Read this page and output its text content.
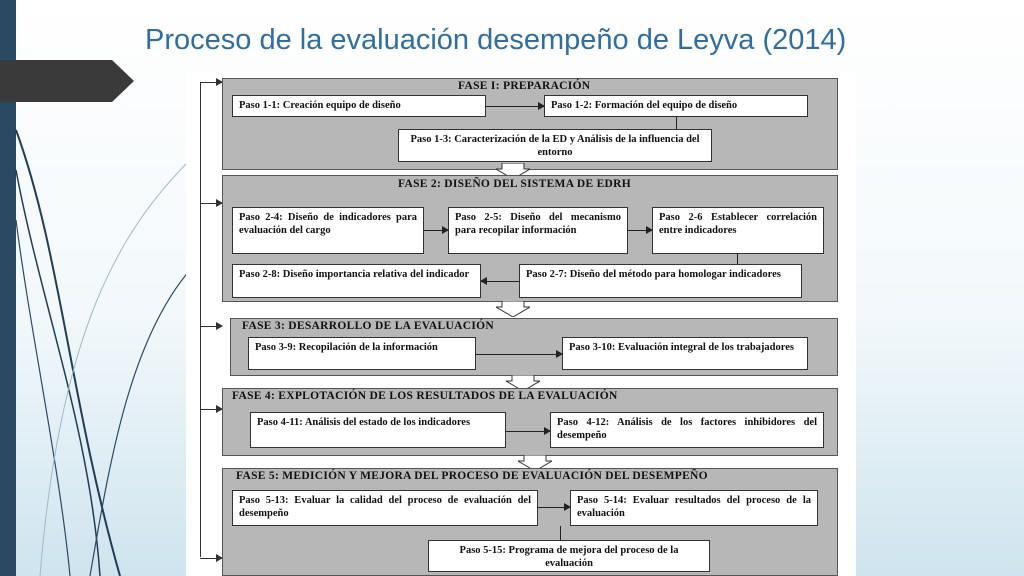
Proceso de la evaluación desempeño de Leyva (2014)
FASE I: PREPARACIÓN
Paso 1-1: Creación equipo de diseño	Paso 1-2: Formación del equipo de diseño
Paso 1-3: Caracterización de la ED y Análisis de la influencia del entorno
FASE 2: DISEÑO DEL SISTEMA DE EDRH
Paso 2-4: Diseño de indicadores para evaluación del cargo
Paso 2-5: Diseño del mecanismo para recopilar información
Paso 2-6 Establecer correlación entre indicadores
Paso 2-7: Diseño del método para homologar indicadores
Paso 2-8: Diseño importancia relativa del indicador
FASE 3: DESARROLLO DE LA EVALUACIÓN
Paso 3-9: Recopilación de la información	Paso 3-10: Evaluación integral de los trabajadores
FASE 4: EXPLOTACIÓN DE LOS RESULTADOS DE LA EVALUACIÓN
Paso 4-11: Análisis del estado de los indicadores	Paso 4-12: Análisis de los factores inhibidores del desempeño
FASE 5: MEDICIÓN Y MEJORA DEL PROCESO DE EVALUACIÓN DEL DESEMPEÑO
Paso 5-13: Evaluar la calidad del proceso de evaluación del desempeño
Paso 5-14: Evaluar resultados del proceso de la evaluación
Paso 5-15: Programa de mejora del proceso de la evaluación
